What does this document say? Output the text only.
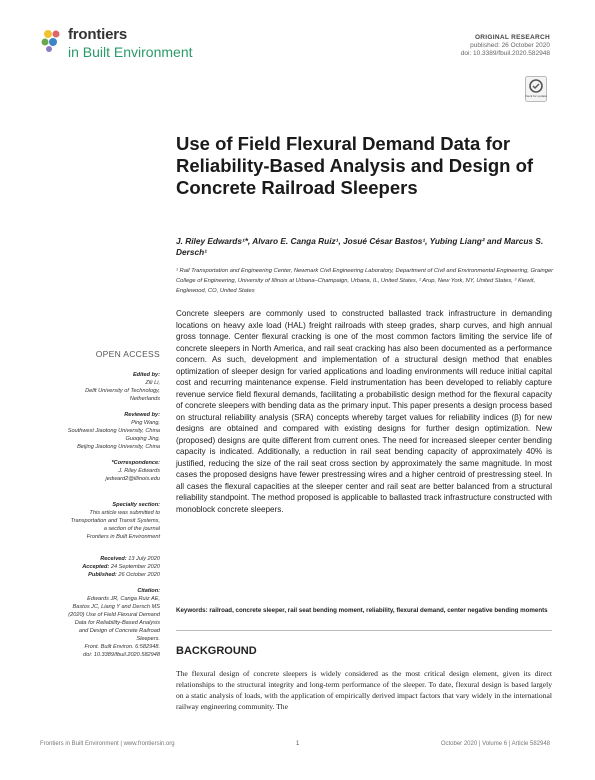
frontiers
in Built Environment
ORIGINAL RESEARCH
published: 26 October 2020
doi: 10.3389/fbuil.2020.582948
Check for updates
Use of Field Flexural Demand Data for Reliability-Based Analysis and Design of Concrete Railroad Sleepers
J. Riley Edwards¹*, Alvaro E. Canga Ruiz¹, Josué César Bastos¹, Yubing Liang² and Marcus S. Dersch¹
¹ Rail Transportation and Engineering Center, Newmark Civil Engineering Laboratory, Department of Civil and Environmental Engineering, Grainger College of Engineering, University of Illinois at Urbana–Champaign, Urbana, IL, United States, ² Arup, New York, NY, United States, ³ Kiewit, Englewood, CO, United States

Concrete sleepers are commonly used to constructed ballasted track infrastructure in demanding locations on heavy axle load (HAL) freight railroads with steep grades, sharp curves, and high annual gross tonnage. Center flexural cracking is one of the most common factors limiting the service life of concrete sleepers in North America, and rail seat cracking has also been documented as a performance concern. As such, development and implementation of a structural design method that enables optimization of sleeper design for varied applications and loading environments will reduce initial capital cost and recurring maintenance expense. Field instrumentation has been developed to reliably capture revenue service field flexural demands, facilitating a probabilistic design method for the flexural capacity of concrete sleepers with bending data as the primary input. This paper presents a design process based on structural reliability analysis (SRA) concepts whereby target values for reliability indices (β) for new designs are obtained and compared with existing designs for further design optimization. New (proposed) designs are quite different from current ones. The need for increased sleeper center bending capacity is indicated. Additionally, a reduction in rail seat bending capacity of approximately 40% is justified, reducing the size of the rail seat cross section by approximately the same magnitude. In most cases the proposed designs have fewer prestressing wires and a higher centroid of prestressing steel. In all cases the flexural capacities at the sleeper center and rail seat are better balanced from a structural reliability standpoint. The method proposed is applicable to ballasted track infrastructure constructed with monoblock concrete sleepers.

Keywords: railroad, concrete sleeper, rail seat bending moment, reliability, flexural demand, center negative bending moments
BACKGROUND

The flexural design of concrete sleepers is widely considered as the most critical design element, given its direct relationships to the structural integrity and long-term performance of the sleeper. To date, flexural design is based largely on a static analysis of loads, with the application of empirically derived impact factors that vary widely in the international railway engineering community. The

OPEN ACCESS
Edited by:
Zili Li,
Delft University of Technology,
Netherlands
Reviewed by:
Ping Wang,
Southwest Jiaotong University, China
Guoqing Jing,
Beijing Jiaotong University, China
*Correspondence:
J. Riley Edwards
jedward2@illinois.edu
Specialty section:
This article was submitted to
Transportation and Transit Systems,
a section of the journal
Frontiers in Built Environment
Received: 13 July 2020
Accepted: 24 September 2020
Published: 26 October 2020
Citation:
Edwards JR, Canga Ruiz AE,
Bastos JC, Liang Y and Dersch MS
(2020) Use of Field Flexural Demand
Data for Reliability-Based Analysis
and Design of Concrete Railroad
Sleepers.
Front. Built Environ. 6:582948.
doi: 10.3389/fbuil.2020.582948
Frontiers in Built Environment | www.frontiersin.org	1	October 2020 | Volume 6 | Article 582948
